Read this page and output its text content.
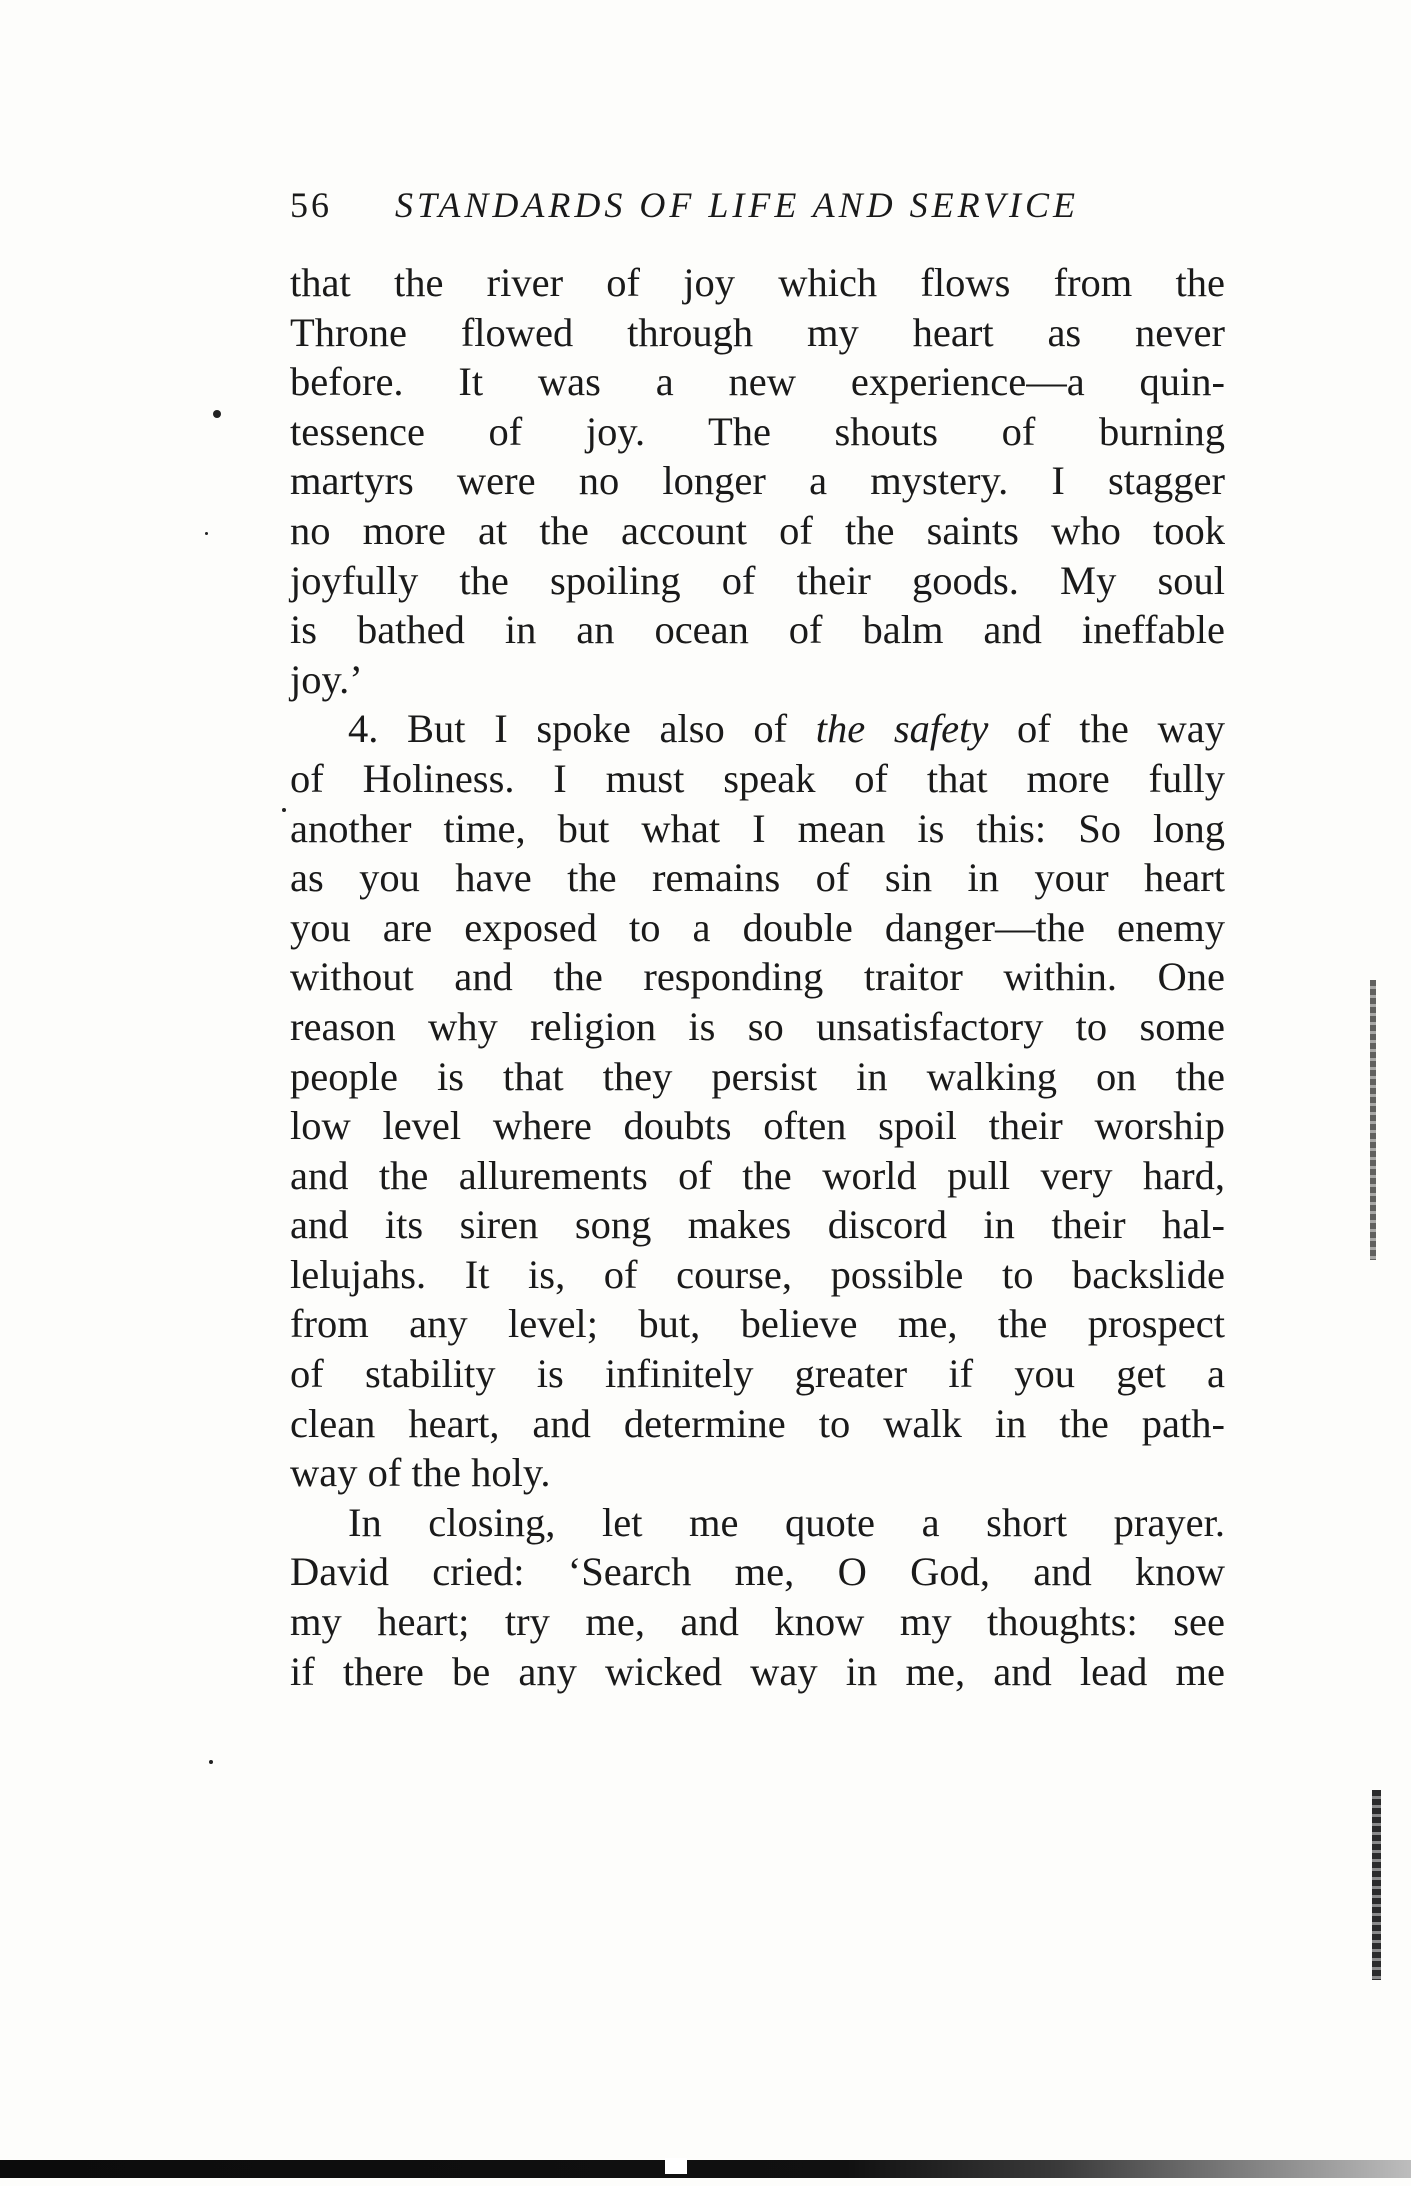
56 STANDARDS OF LIFE AND SERVICE
that the river of joy which flows from the
Throne flowed through my heart as never
before. It was a new experience—a quin-
tessence of joy. The shouts of burning
martyrs were no longer a mystery. I stagger
no more at the account of the saints who took
joyfully the spoiling of their goods. My soul
is bathed in an ocean of balm and ineffable
joy.’
4. But I spoke also of the safety of the way
of Holiness. I must speak of that more fully
another time, but what I mean is this: So long
as you have the remains of sin in your heart
you are exposed to a double danger—the enemy
without and the responding traitor within. One
reason why religion is so unsatisfactory to some
people is that they persist in walking on the
low level where doubts often spoil their worship
and the allurements of the world pull very hard,
and its siren song makes discord in their hal-
lelujahs. It is, of course, possible to backslide
from any level; but, believe me, the prospect
of stability is infinitely greater if you get a
clean heart, and determine to walk in the path-
way of the holy.
In closing, let me quote a short prayer.
David cried: ‘Search me, O God, and know
my heart; try me, and know my thoughts: see
if there be any wicked way in me, and lead me
